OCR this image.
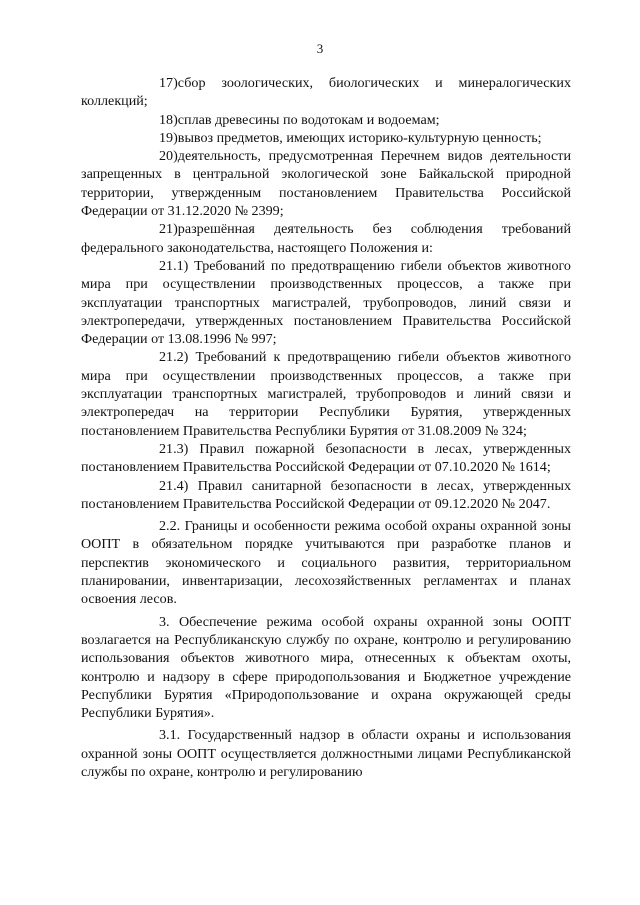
3

17)сбор зоологических, биологических и минералогических коллекций;

18)сплав древесины по водотокам и водоемам;

19)вывоз предметов, имеющих историко-культурную ценность;

20)деятельность, предусмотренная Перечнем видов деятельности запрещенных в центральной экологической зоне Байкальской природной территории, утвержденным постановлением Правительства Российской Федерации от 31.12.2020 № 2399;

21)разрешённая деятельность без соблюдения требований федерального законодательства, настоящего Положения и:

21.1) Требований по предотвращению гибели объектов животного мира при осуществлении производственных процессов, а также при эксплуатации транспортных магистралей, трубопроводов, линий связи и электропередачи, утвержденных постановлением Правительства Российской Федерации от 13.08.1996 № 997;

21.2) Требований к предотвращению гибели объектов животного мира при осуществлении производственных процессов, а также при эксплуатации транспортных магистралей, трубопроводов и линий связи и электропередач на территории Республики Бурятия, утвержденных постановлением Правительства Республики Бурятия от 31.08.2009 № 324;

21.3) Правил пожарной безопасности в лесах, утвержденных постановлением Правительства Российской Федерации от 07.10.2020 № 1614;

21.4) Правил санитарной безопасности в лесах, утвержденных постановлением Правительства Российской Федерации от 09.12.2020 № 2047.

2.2. Границы и особенности режима особой охраны охранной зоны ООПТ в обязательном порядке учитываются при разработке планов и перспектив экономического и социального развития, территориальном планировании, инвентаризации, лесохозяйственных регламентах и планах освоения лесов.

3. Обеспечение режима особой охраны охранной зоны ООПТ возлагается на Республиканскую службу по охране, контролю и регулированию использования объектов животного мира, отнесенных к объектам охоты, контролю и надзору в сфере природопользования и Бюджетное учреждение Республики Бурятия «Природопользование и охрана окружающей среды Республики Бурятия».

3.1. Государственный надзор в области охраны и использования охранной зоны ООПТ осуществляется должностными лицами Республиканской службы по охране, контролю и регулированию
